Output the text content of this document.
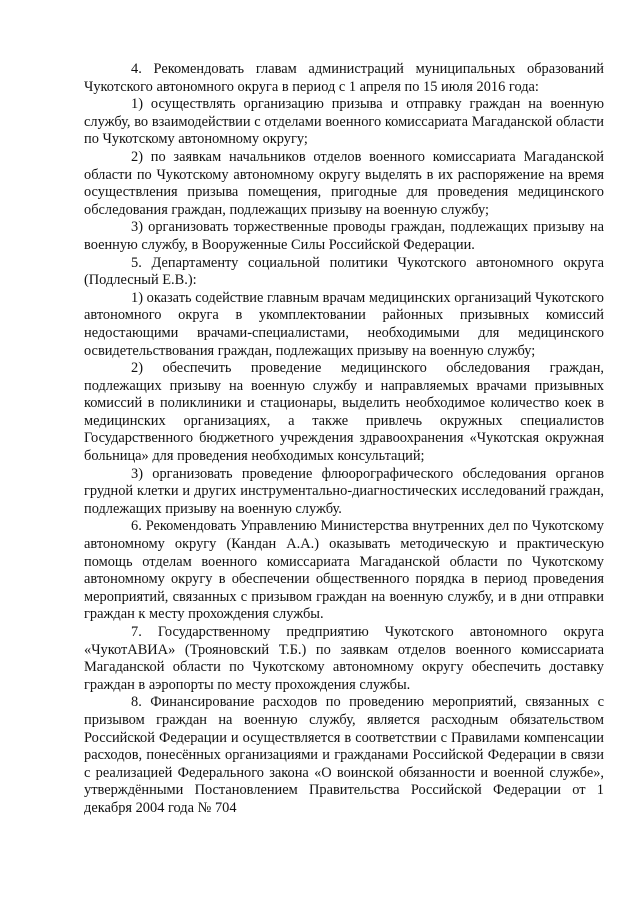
4. Рекомендовать главам администраций муниципальных образований Чукотского автономного округа в период с 1 апреля по 15 июля 2016 года:

1) осуществлять организацию призыва и отправку граждан на военную службу, во взаимодействии с отделами военного комиссариата Магаданской области по Чукотскому автономному округу;

2) по заявкам начальников отделов военного комиссариата Магаданской области по Чукотскому автономному округу выделять в их распоряжение на время осуществления призыва помещения, пригодные для проведения медицинского обследования граждан, подлежащих призыву на военную службу;

3) организовать торжественные проводы граждан, подлежащих призыву на военную службу, в Вооруженные Силы Российской Федерации.

5. Департаменту социальной политики Чукотского автономного округа (Подлесный Е.В.):

1) оказать содействие главным врачам медицинских организаций Чукотского автономного округа в укомплектовании районных призывных комиссий недостающими врачами-специалистами, необходимыми для медицинского освидетельствования граждан, подлежащих призыву на военную службу;

2) обеспечить проведение медицинского обследования граждан, подлежащих призыву на военную службу и направляемых врачами призывных комиссий в поликлиники и стационары, выделить необходимое количество коек в медицинских организациях, а также привлечь окружных специалистов Государственного бюджетного учреждения здравоохранения «Чукотская окружная больница» для проведения необходимых консультаций;

3) организовать проведение флюорографического обследования органов грудной клетки и других инструментально-диагностических исследований граждан, подлежащих призыву на военную службу.

6. Рекомендовать Управлению Министерства внутренних дел по Чукотскому автономному округу (Кандан А.А.) оказывать методическую и практическую помощь отделам военного комиссариата Магаданской области по Чукотскому автономному округу в обеспечении общественного порядка в период проведения мероприятий, связанных с призывом граждан на военную службу, и в дни отправки граждан к месту прохождения службы.

7. Государственному предприятию Чукотского автономного округа «ЧукотАВИА» (Трояновский Т.Б.) по заявкам отделов военного комиссариата Магаданской области по Чукотскому автономному округу обеспечить доставку граждан в аэропорты по месту прохождения службы.

8. Финансирование расходов по проведению мероприятий, связанных с призывом граждан на военную службу, является расходным обязательством Российской Федерации и осуществляется в соответствии с Правилами компенсации расходов, понесённых организациями и гражданами Российской Федерации в связи с реализацией Федерального закона «О воинской обязанности и военной службе», утверждёнными Постановлением Правительства Российской Федерации от 1 декабря 2004 года № 704
